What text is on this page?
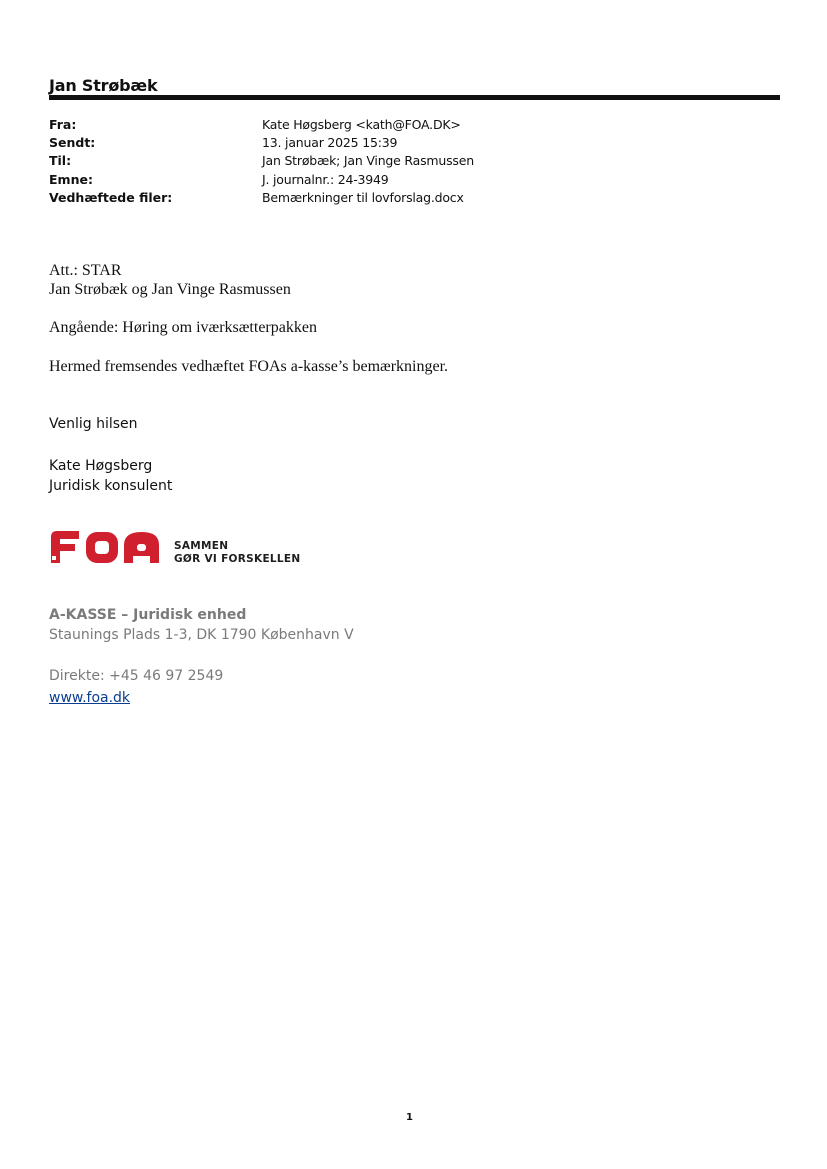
Jan Strøbæk
Fra:	Kate Høgsberg <kath@FOA.DK>
Sendt:	13. januar 2025 15:39
Til:	Jan Strøbæk; Jan Vinge Rasmussen
Emne:	J. journalnr.: 24-3949
Vedhæftede filer:	Bemærkninger til lovforslag.docx
Att.: STAR
Jan Strøbæk og Jan Vinge Rasmussen
Angående: Høring om iværksætterpakken
Hermed fremsendes vedhæftet FOAs a-kasse’s bemærkninger.
Venlig hilsen
Kate Høgsberg
Juridisk konsulent
SAMMEN
GØR VI FORSKELLEN
A-KASSE – Juridisk enhed
Staunings Plads 1-3, DK 1790 København V
Direkte: +45 46 97 2549
www.foa.dk
1
